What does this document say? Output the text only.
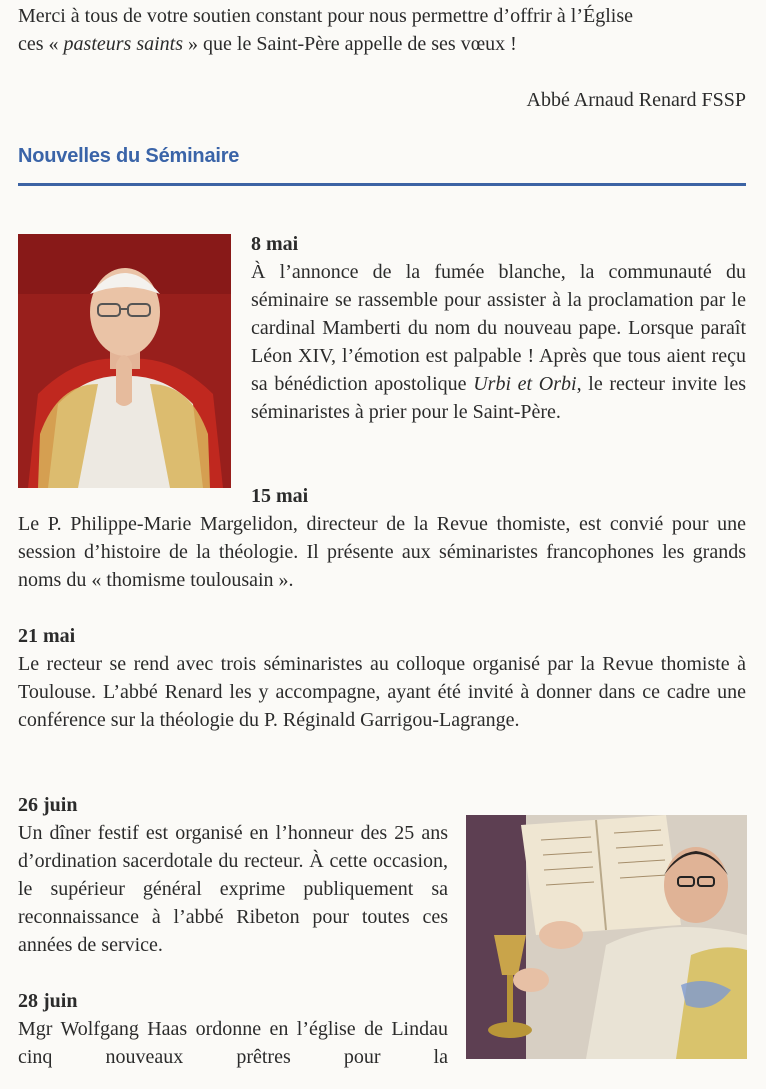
Merci à tous de votre soutien constant pour nous permettre d’offrir à l’Église
ces « pasteurs saints » que le Saint-Père appelle de ses vœux !
Abbé Arnaud Renard FSSP
Nouvelles du Séminaire
8 mai
À l’annonce de la fumée blanche, la communauté du séminaire se rassemble pour assister à la proclamation par le cardinal Mamberti du nom du nouveau pape. Lorsque paraît Léon XIV, l’émotion est palpable ! Après que tous aient reçu sa bénédiction apostolique Urbi et Orbi, le recteur invite les séminaristes à prier pour le Saint-Père.
15 mai
Le P. Philippe-Marie Margelidon, directeur de la Revue thomiste, est convié pour une session d’histoire de la théologie. Il présente aux séminaristes francophones les grands noms du « thomisme toulousain ».
21 mai
Le recteur se rend avec trois séminaristes au colloque organisé par la Revue thomiste à Toulouse. L’abbé Renard les y accompagne, ayant été invité à donner dans ce cadre une conférence sur la théologie du P. Réginald Garrigou-Lagrange.
26 juin
Un dîner festif est organisé en l’honneur des 25 ans d’ordination sacerdotale du recteur. À cette occasion, le supérieur général exprime publiquement sa reconnaissance à l’abbé Ribeton pour toutes ces années de service.
28 juin
Mgr Wolfgang Haas ordonne en l’église de Lindau cinq nouveaux prêtres pour la
